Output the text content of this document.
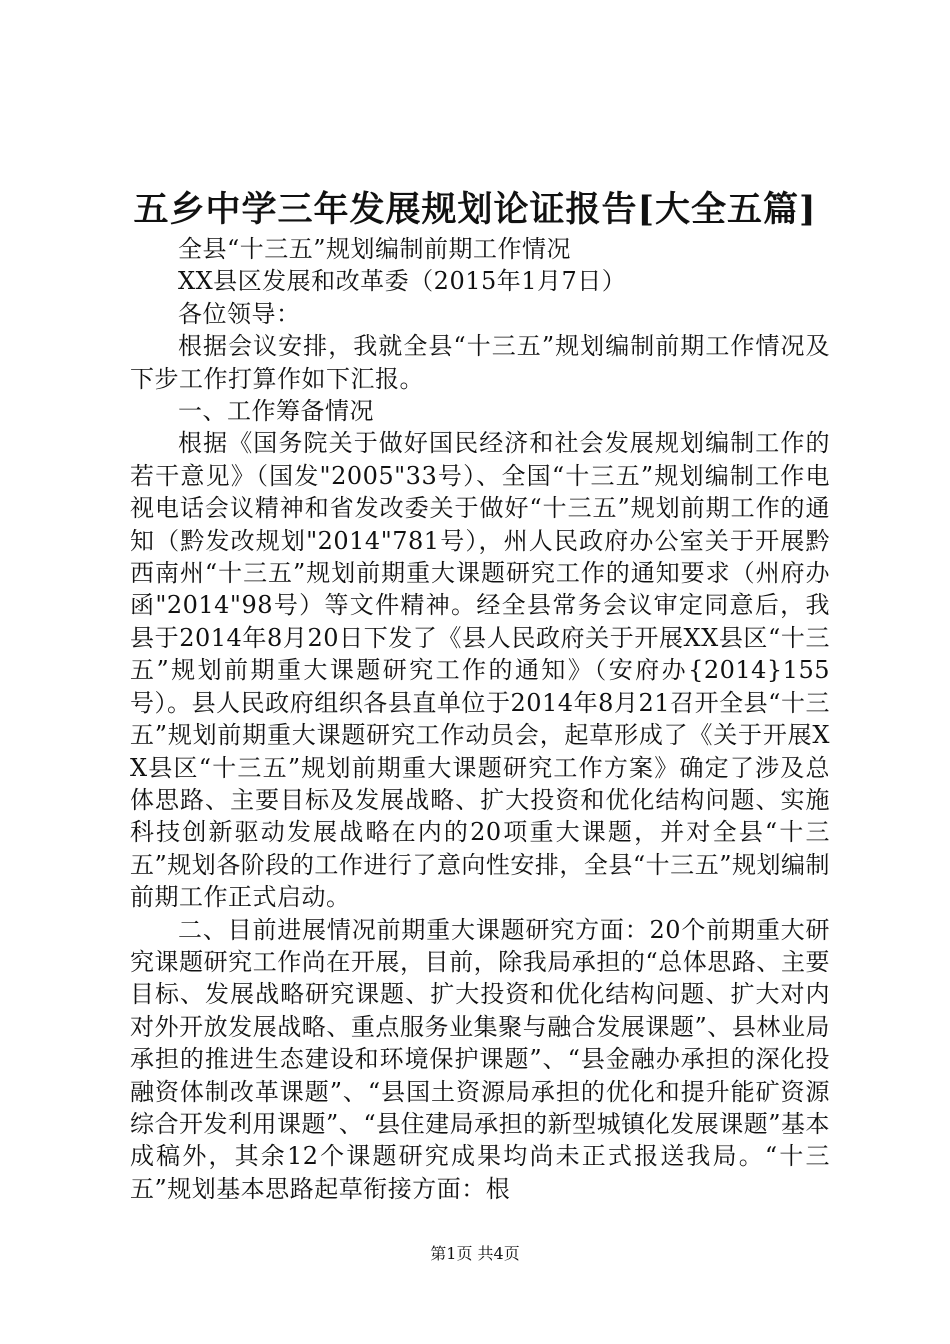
五乡中学三年发展规划论证报告[大全五篇]

全县“十三五”规划编制前期工作情况

XX县区发展和改革委（2015年1月7日）

各位领导：

根据会议安排，我就全县“十三五”规划编制前期工作情况及下步工作打算作如下汇报。

一、工作筹备情况

根据《国务院关于做好国民经济和社会发展规划编制工作的若干意见》（国发"2005"33号）、全国“十三五”规划编制工作电视电话会议精神和省发改委关于做好“十三五”规划前期工作的通知（黔发改规划"2014"781号），州人民政府办公室关于开展黔西南州“十三五”规划前期重大课题研究工作的通知要求（州府办函"2014"98号）等文件精神。经全县常务会议审定同意后，我县于2014年8月20日下发了《县人民政府关于开展XX县区“十三五”规划前期重大课题研究工作的通知》（安府办{2014}155号）。县人民政府组织各县直单位于2014年8月21召开全县“十三五”规划前期重大课题研究工作动员会，起草形成了《关于开展XX县区“十三五”规划前期重大课题研究工作方案》确定了涉及总体思路、主要目标及发展战略、扩大投资和优化结构问题、实施科技创新驱动发展战略在内的20项重大课题，并对全县“十三五”规划各阶段的工作进行了意向性安排，全县“十三五”规划编制前期工作正式启动。

二、目前进展情况前期重大课题研究方面：20个前期重大研究课题研究工作尚在开展，目前，除我局承担的“总体思路、主要目标、发展战略研究课题、扩大投资和优化结构问题、扩大对内对外开放发展战略、重点服务业集聚与融合发展课题”、县林业局承担的推进生态建设和环境保护课题”、“县金融办承担的深化投融资体制改革课题”、“县国土资源局承担的优化和提升能矿资源综合开发利用课题”、“县住建局承担的新型城镇化发展课题”基本成稿外，其余12个课题研究成果均尚未正式报送我局。“十三五”规划基本思路起草衔接方面：根

第1页 共4页
